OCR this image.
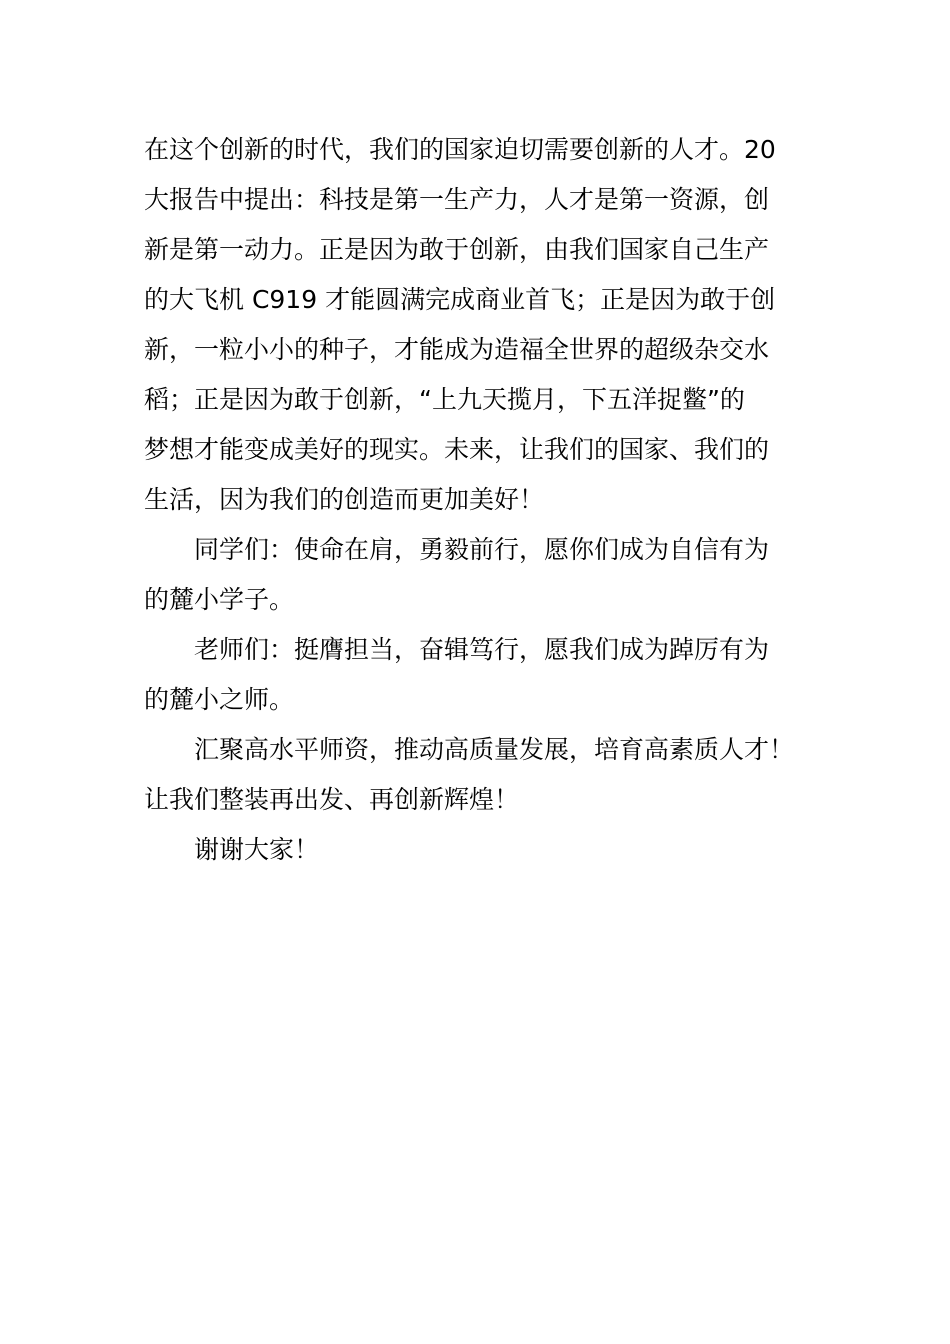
在这个创新的时代，我们的国家迫切需要创新的人才。20
大报告中提出：科技是第一生产力，人才是第一资源，创
新是第一动力。正是因为敢于创新，由我们国家自己生产
的大飞机 C919 才能圆满完成商业首飞；正是因为敢于创
新，一粒小小的种子，才能成为造福全世界的超级杂交水
稻；正是因为敢于创新，“上九天揽月，下五洋捉鳖”的
梦想才能变成美好的现实。未来，让我们的国家、我们的
生活，因为我们的创造而更加美好！
同学们：使命在肩，勇毅前行，愿你们成为自信有为
的麓小学子。
老师们：挺膺担当，奋辑笃行，愿我们成为踔厉有为
的麓小之师。
汇聚高水平师资，推动高质量发展，培育高素质人才！
让我们整装再出发、再创新辉煌！
谢谢大家！
